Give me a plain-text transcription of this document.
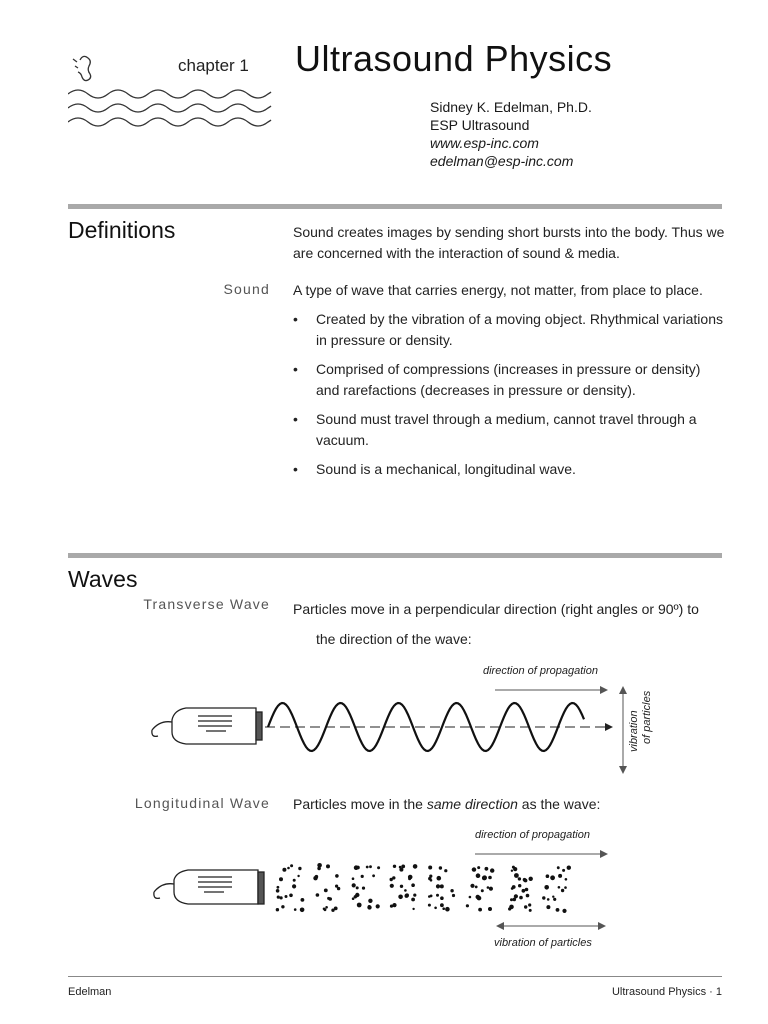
chapter 1 Ultrasound Physics
Sidney K. Edelman, Ph.D.
ESP Ultrasound
www.esp-inc.com
edelman@esp-inc.com
Definitions	Sound creates images by sending short bursts into the body. Thus we are concerned with the interaction of sound & media.
Sound A type of wave that carries energy, not matter, from place to place.

• Created by the vibration of a moving object. Rhythmical variations in pressure or density.
• Comprised of compressions (increases in pressure or density) and rarefactions (decreases in pressure or density).
• Sound must travel through a medium, cannot travel through a vacuum.
• Sound is a mechanical, longitudinal wave.
Waves
Transverse Wave Particles move in a perpendicular direction (right angles or 90º) to the direction of the wave:

direction of propagation
vibration of particles
Longitudinal Wave Particles move in the same direction as the wave:
direction of propagation
vibration of particles
Edelman	Ultrasound Physics · 1
